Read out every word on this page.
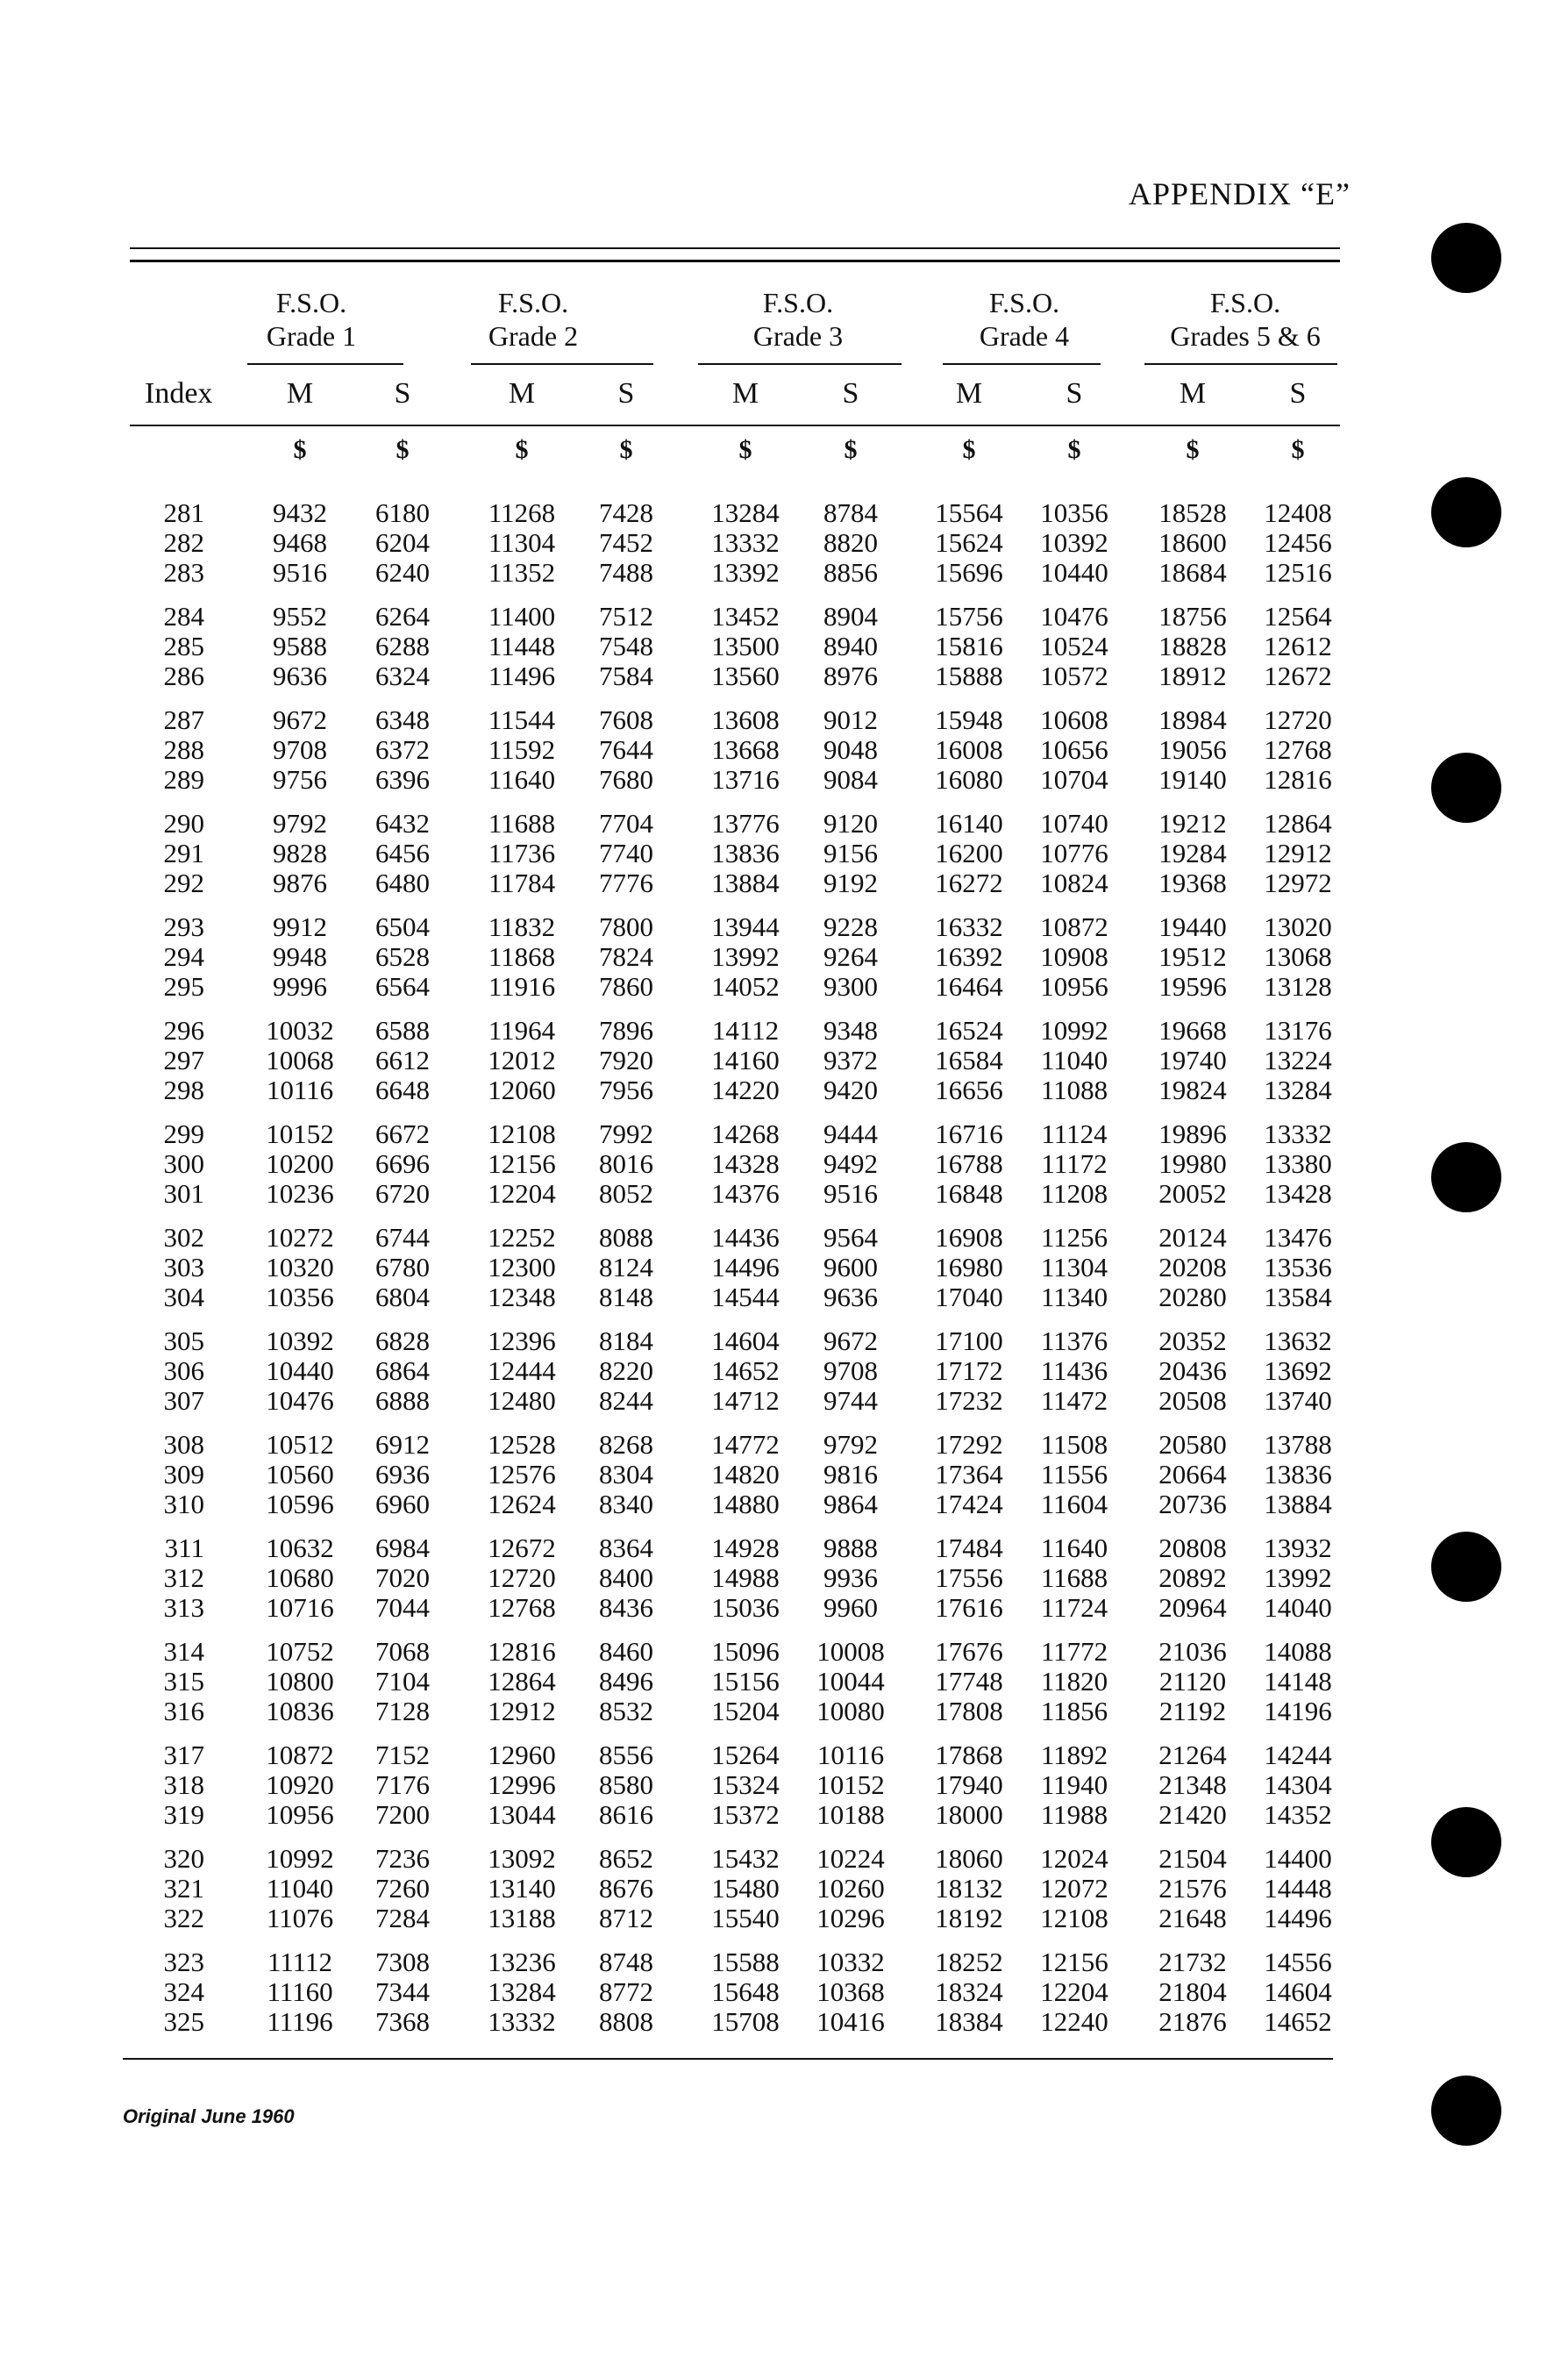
APPENDIX “E”
F.S.O.
Grade 1
F.S.O.
Grade 2
F.S.O.
Grade 3
F.S.O.
Grade 4
F.S.O.
Grades 5 & 6
Index	M	S	M	S	M	S	M	S	M	S
$	$	$	$	$	$	$	$	$	$
281	9432	6180	11268	7428	13284	8784	15564	10356	18528	12408
282	9468	6204	11304	7452	13332	8820	15624	10392	18600	12456
283	9516	6240	11352	7488	13392	8856	15696	10440	18684	12516
284	9552	6264	11400	7512	13452	8904	15756	10476	18756	12564
285	9588	6288	11448	7548	13500	8940	15816	10524	18828	12612
286	9636	6324	11496	7584	13560	8976	15888	10572	18912	12672
287	9672	6348	11544	7608	13608	9012	15948	10608	18984	12720
288	9708	6372	11592	7644	13668	9048	16008	10656	19056	12768
289	9756	6396	11640	7680	13716	9084	16080	10704	19140	12816
290	9792	6432	11688	7704	13776	9120	16140	10740	19212	12864
291	9828	6456	11736	7740	13836	9156	16200	10776	19284	12912
292	9876	6480	11784	7776	13884	9192	16272	10824	19368	12972
293	9912	6504	11832	7800	13944	9228	16332	10872	19440	13020
294	9948	6528	11868	7824	13992	9264	16392	10908	19512	13068
295	9996	6564	11916	7860	14052	9300	16464	10956	19596	13128
296	10032	6588	11964	7896	14112	9348	16524	10992	19668	13176
297	10068	6612	12012	7920	14160	9372	16584	11040	19740	13224
298	10116	6648	12060	7956	14220	9420	16656	11088	19824	13284
299	10152	6672	12108	7992	14268	9444	16716	11124	19896	13332
300	10200	6696	12156	8016	14328	9492	16788	11172	19980	13380
301	10236	6720	12204	8052	14376	9516	16848	11208	20052	13428
302	10272	6744	12252	8088	14436	9564	16908	11256	20124	13476
303	10320	6780	12300	8124	14496	9600	16980	11304	20208	13536
304	10356	6804	12348	8148	14544	9636	17040	11340	20280	13584
305	10392	6828	12396	8184	14604	9672	17100	11376	20352	13632
306	10440	6864	12444	8220	14652	9708	17172	11436	20436	13692
307	10476	6888	12480	8244	14712	9744	17232	11472	20508	13740
308	10512	6912	12528	8268	14772	9792	17292	11508	20580	13788
309	10560	6936	12576	8304	14820	9816	17364	11556	20664	13836
310	10596	6960	12624	8340	14880	9864	17424	11604	20736	13884
311	10632	6984	12672	8364	14928	9888	17484	11640	20808	13932
312	10680	7020	12720	8400	14988	9936	17556	11688	20892	13992
313	10716	7044	12768	8436	15036	9960	17616	11724	20964	14040
314	10752	7068	12816	8460	15096	10008	17676	11772	21036	14088
315	10800	7104	12864	8496	15156	10044	17748	11820	21120	14148
316	10836	7128	12912	8532	15204	10080	17808	11856	21192	14196
317	10872	7152	12960	8556	15264	10116	17868	11892	21264	14244
318	10920	7176	12996	8580	15324	10152	17940	11940	21348	14304
319	10956	7200	13044	8616	15372	10188	18000	11988	21420	14352
320	10992	7236	13092	8652	15432	10224	18060	12024	21504	14400
321	11040	7260	13140	8676	15480	10260	18132	12072	21576	14448
322	11076	7284	13188	8712	15540	10296	18192	12108	21648	14496
323	11112	7308	13236	8748	15588	10332	18252	12156	21732	14556
324	11160	7344	13284	8772	15648	10368	18324	12204	21804	14604
325	11196	7368	13332	8808	15708	10416	18384	12240	21876	14652
Original June 1960
